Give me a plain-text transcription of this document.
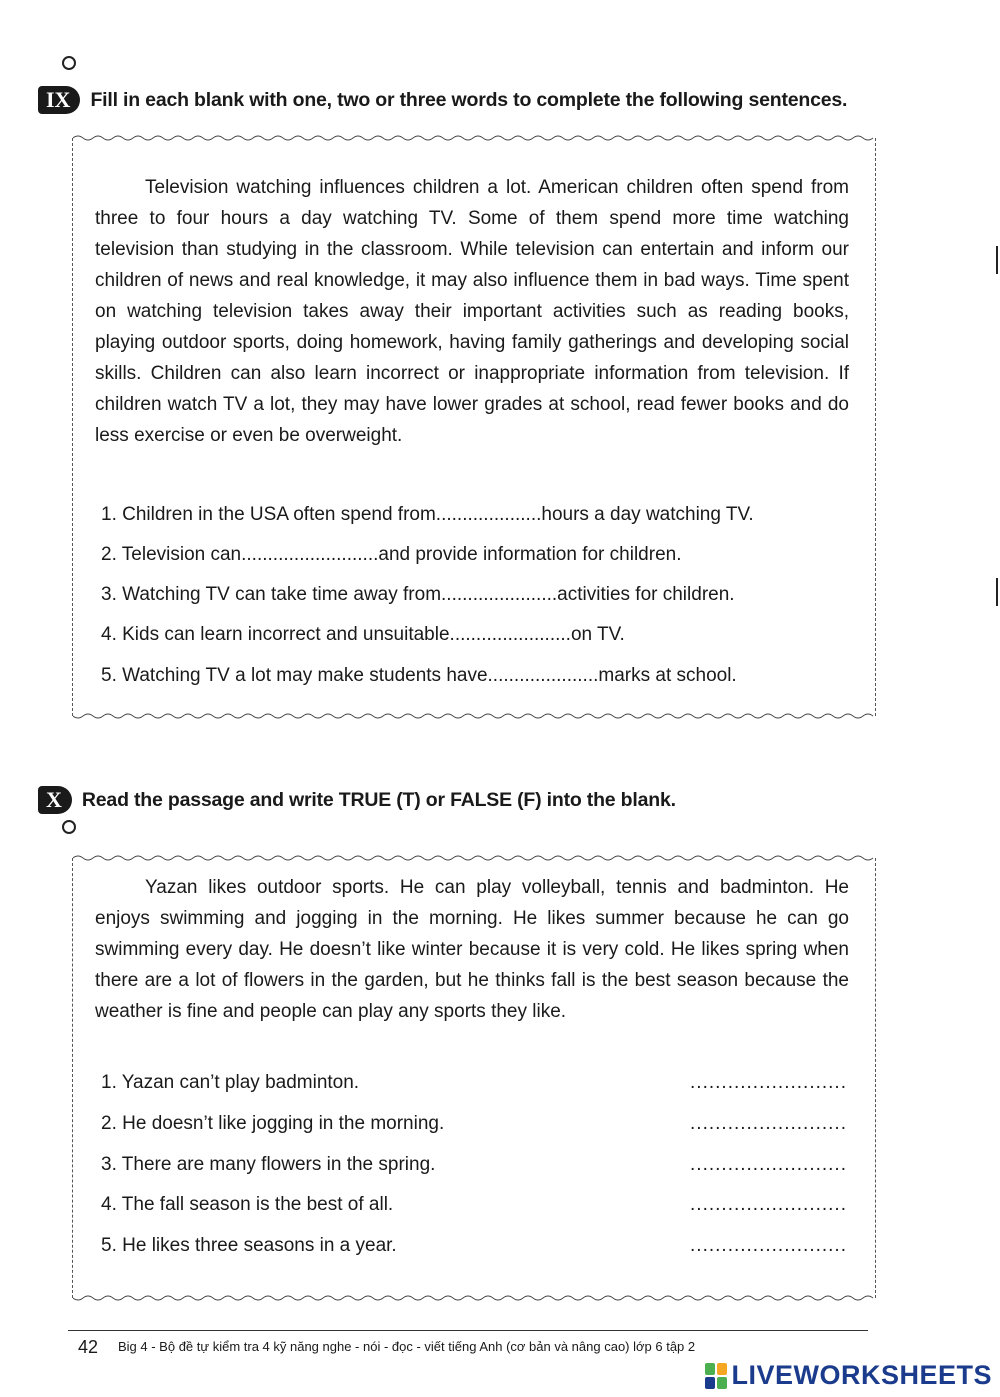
IX	Fill in each blank with one, two or three words to complete the following sentences.

Television watching influences children a lot. American children often spend from three to four hours a day watching TV. Some of them spend more time watching television than studying in the classroom. While television can entertain and inform our children of news and real knowledge, it may also influence them in bad ways. Time spent on watching television takes away their important activities such as reading books, playing outdoor sports, doing homework, having family gatherings and developing social skills. Children can also learn incorrect or inappropriate information from television. If children watch TV a lot, they may have lower grades at school, read fewer books and do less exercise or even be overweight.

1. Children in the USA often spend from....................hours a day watching TV.
2. Television can..........................and provide information for children.
3. Watching TV can take time away from......................activities for children.
4. Kids can learn incorrect and unsuitable.......................on TV.
5. Watching TV a lot may make students have.....................marks at school.
X	Read the passage and write TRUE (T) or FALSE (F) into the blank.

Yazan likes outdoor sports. He can play volleyball, tennis and badminton. He enjoys swimming and jogging in the morning. He likes summer because he can go swimming every day. He doesn’t like winter because it is very cold. He likes spring when there are a lot of flowers in the garden, but he thinks fall is the best season because the weather is fine and people can play any sports they like.

1. Yazan can’t play badminton.	.........................
2. He doesn’t like jogging in the morning.	.........................
3. There are many flowers in the spring.	.........................
4. The fall season is the best of all.	.........................
5. He likes three seasons in a year.	.........................
42 Big 4 - Bộ đề tự kiểm tra 4 kỹ năng nghe - nói - đọc - viết tiếng Anh (cơ bản và nâng cao) lớp 6 tập 2
LIVEWORKSHEETS
